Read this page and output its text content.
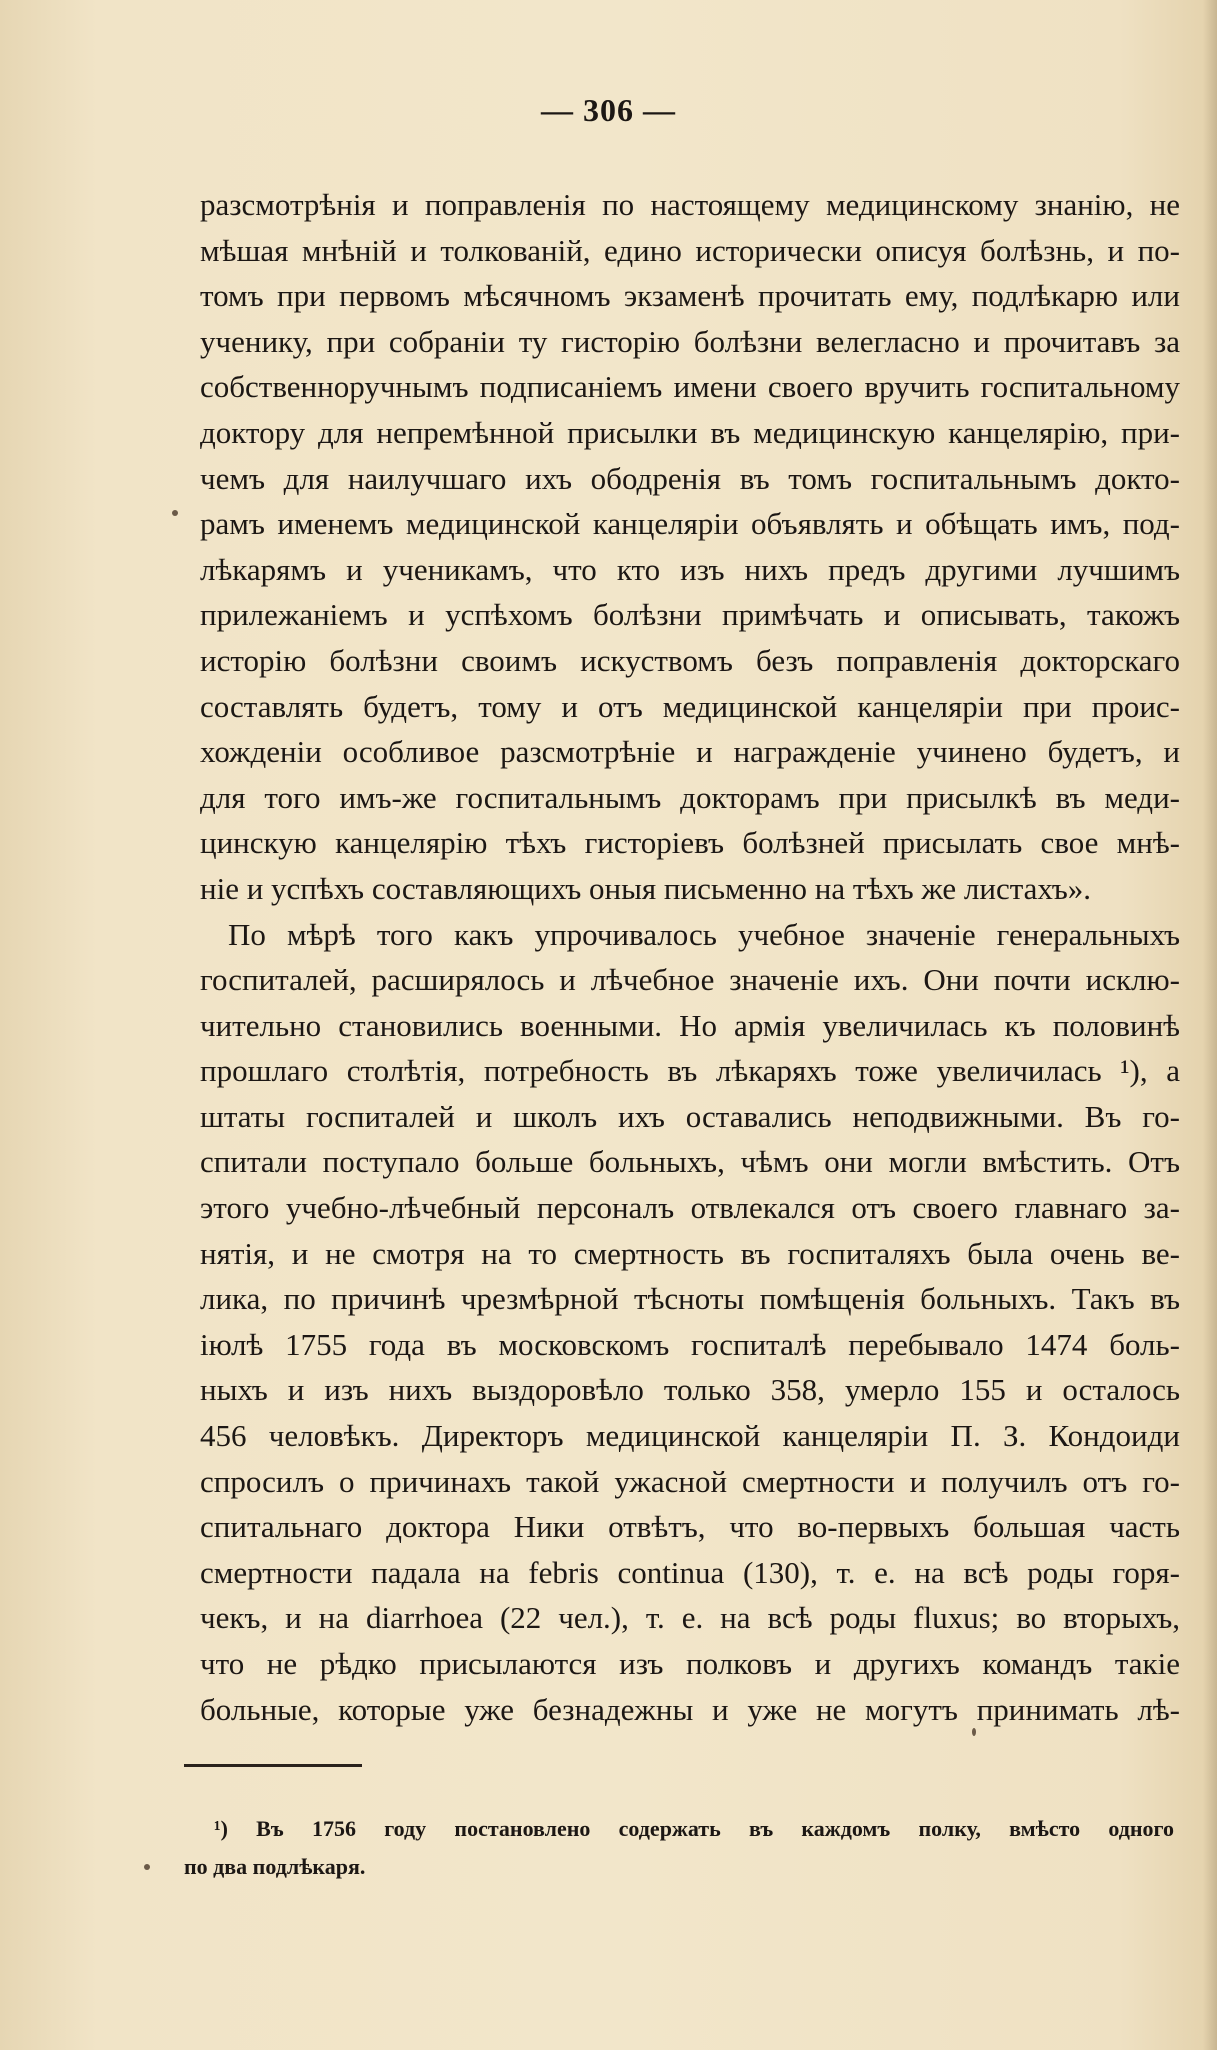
— 306 —
разсмотрѣнія и поправленія по настоящему медицинскому знанію, не
мѣшая мнѣній и толкованій, едино исторически описуя болѣзнь, и по-
томъ при первомъ мѣсячномъ экзаменѣ прочитать ему, подлѣкарю или
ученику, при собраніи ту гисторію болѣзни велегласно и прочитавъ за
собственноручнымъ подписаніемъ имени своего вручить госпитальному
доктору для непремѣнной присылки въ медицинскую канцелярію, при-
чемъ для наилучшаго ихъ ободренія въ томъ госпитальнымъ докто-
рамъ именемъ медицинской канцеляріи объявлять и обѣщать имъ, под-
лѣкарямъ и ученикамъ, что кто изъ нихъ предъ другими лучшимъ
прилежаніемъ и успѣхомъ болѣзни примѣчать и описывать, такожъ
исторію болѣзни своимъ искуствомъ безъ поправленія докторскаго
составлять будетъ, тому и отъ медицинской канцеляріи при проис-
хожденіи особливое разсмотрѣніе и награжденіе учинено будетъ, и
для того имъ-же госпитальнымъ докторамъ при присылкѣ въ меди-
цинскую канцелярію тѣхъ гисторіевъ болѣзней присылать свое мнѣ-
ніе и успѣхъ составляющихъ оныя письменно на тѣхъ же листахъ».
По мѣрѣ того какъ упрочивалось учебное значеніе генеральныхъ
госпиталей, расширялось и лѣчебное значеніе ихъ. Они почти исклю-
чительно становились военными. Но армія увеличилась къ половинѣ
прошлаго столѣтія, потребность въ лѣкаряхъ тоже увеличилась ¹), а
штаты госпиталей и школъ ихъ оставались неподвижными. Въ го-
спитали поступало больше больныхъ, чѣмъ они могли вмѣстить. Отъ
этого учебно-лѣчебный персоналъ отвлекался отъ своего главнаго за-
нятія, и не смотря на то смертность въ госпиталяхъ была очень ве-
лика, по причинѣ чрезмѣрной тѣсноты помѣщенія больныхъ. Такъ въ
іюлѣ 1755 года въ московскомъ госпиталѣ перебывало 1474 боль-
ныхъ и изъ нихъ выздоровѣло только 358, умерло 155 и осталось
456 человѣкъ. Директоръ медицинской канцеляріи П. З. Кондоиди
спросилъ о причинахъ такой ужасной смертности и получилъ отъ го-
спитальнаго доктора Ники отвѣтъ, что во-первыхъ большая часть
смертности падала на febris continua (130), т. е. на всѣ роды горя-
чекъ, и на diarrhoea (22 чел.), т. е. на всѣ роды fluxus; во вторыхъ,
что не рѣдко присылаются изъ полковъ и другихъ командъ такіе
больные, которые уже безнадежны и уже не могутъ принимать лѣ-
¹) Въ 1756 году постановлено содержать въ каждомъ полку, вмѣсто одного
по два подлѣкаря.
